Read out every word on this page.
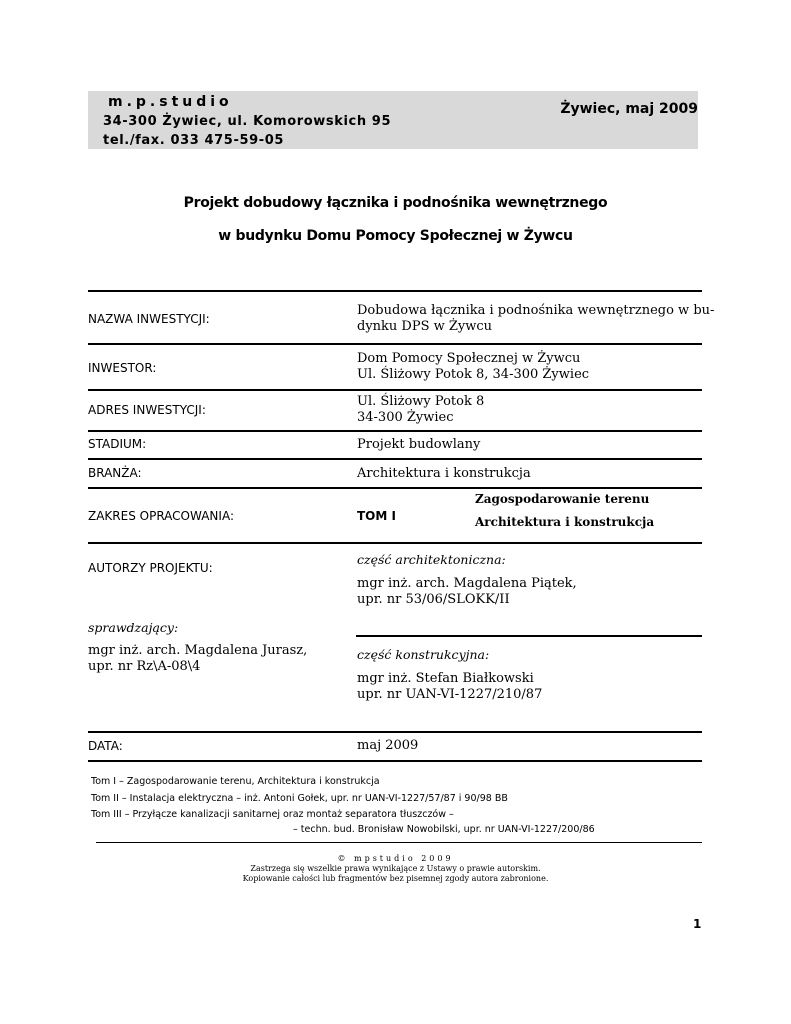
m.p.studio
34-300 Żywiec, ul. Komorowskich 95
tel./fax. 033 475-59-05
Żywiec, maj 2009
Projekt dobudowy łącznika i podnośnika wewnętrznego
w budynku Domu Pomocy Społecznej w Żywcu
NAZWA INWESTYCJI:
Dobudowa łącznika i podnośnika wewnętrznego w bu-
dynku DPS w Żywcu
INWESTOR:
Dom Pomocy Społecznej w Żywcu
Ul. Śliżowy Potok 8, 34-300 Żywiec
ADRES INWESTYCJI:
Ul. Śliżowy Potok 8
34-300 Żywiec
STADIUM:	Projekt budowlany
BRANŻA:	Architektura i konstrukcja
ZAKRES OPRACOWANIA:	TOM I
Zagospodarowanie terenu
Architektura i konstrukcja
AUTORZY PROJEKTU:
część architektoniczna:
mgr inż. arch. Magdalena Piątek,
upr. nr 53/06/SLOKK/II
sprawdzający:
mgr inż. arch. Magdalena Jurasz,
upr. nr Rz\A-08\4
część konstrukcyjna:
mgr inż. Stefan Białkowski
upr. nr UAN-VI-1227/210/87
DATA:	maj 2009
Tom I – Zagospodarowanie terenu, Architektura i konstrukcja
Tom II – Instalacja elektryczna – inż. Antoni Gołek, upr. nr UAN-VI-1227/57/87 i 90/98 BB
Tom III – Przyłącze kanalizacji sanitarnej oraz montaż separatora tłuszczów –
– techn. bud. Bronisław Nowobilski, upr. nr UAN-VI-1227/200/86
© mpstudio 2009
Zastrzega się wszelkie prawa wynikające z Ustawy o prawie autorskim.
Kopiowanie całości lub fragmentów bez pisemnej zgody autora zabronione.
1
